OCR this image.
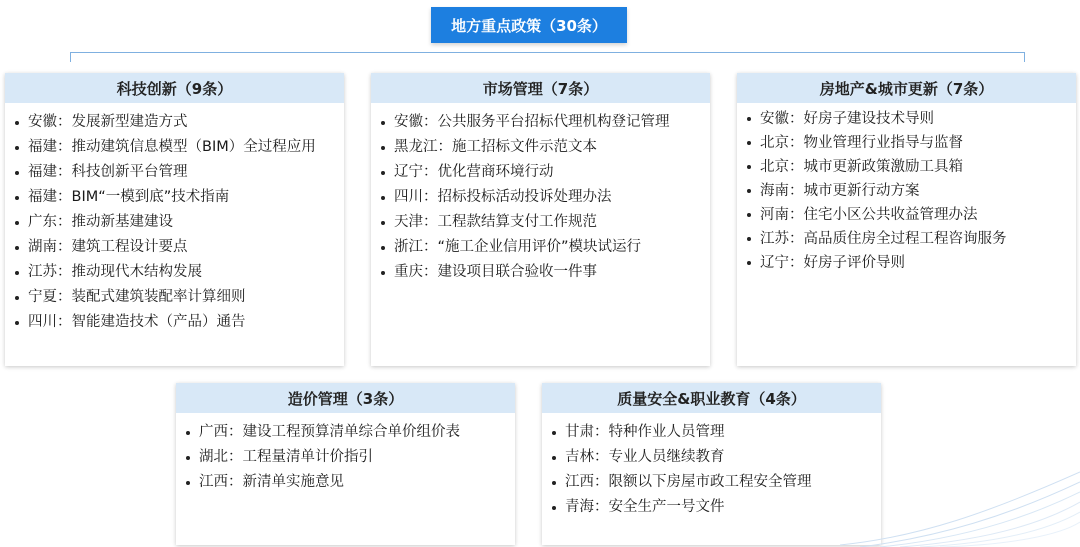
地方重点政策（30条）
科技创新（9条）
安徽：发展新型建造方式
福建：推动建筑信息模型（BIM）全过程应用
福建：科技创新平台管理
福建：BIM“一模到底”技术指南
广东：推动新基建建设
湖南：建筑工程设计要点
江苏：推动现代木结构发展
宁夏：装配式建筑装配率计算细则
四川：智能建造技术（产品）通告
市场管理（7条）
安徽：公共服务平台招标代理机构登记管理
黑龙江：施工招标文件示范文本
辽宁：优化营商环境行动
四川：招标投标活动投诉处理办法
天津：工程款结算支付工作规范
浙江：“施工企业信用评价”模块试运行
重庆：建设项目联合验收一件事
房地产&城市更新（7条）
安徽：好房子建设技术导则
北京：物业管理行业指导与监督
北京：城市更新政策激励工具箱
海南：城市更新行动方案
河南：住宅小区公共收益管理办法
江苏：高品质住房全过程工程咨询服务
辽宁：好房子评价导则
造价管理（3条）
广西：建设工程预算清单综合单价组价表
湖北：工程量清单计价指引
江西：新清单实施意见
质量安全&职业教育（4条）
甘肃：特种作业人员管理
吉林：专业人员继续教育
江西：限额以下房屋市政工程安全管理
青海：安全生产一号文件
